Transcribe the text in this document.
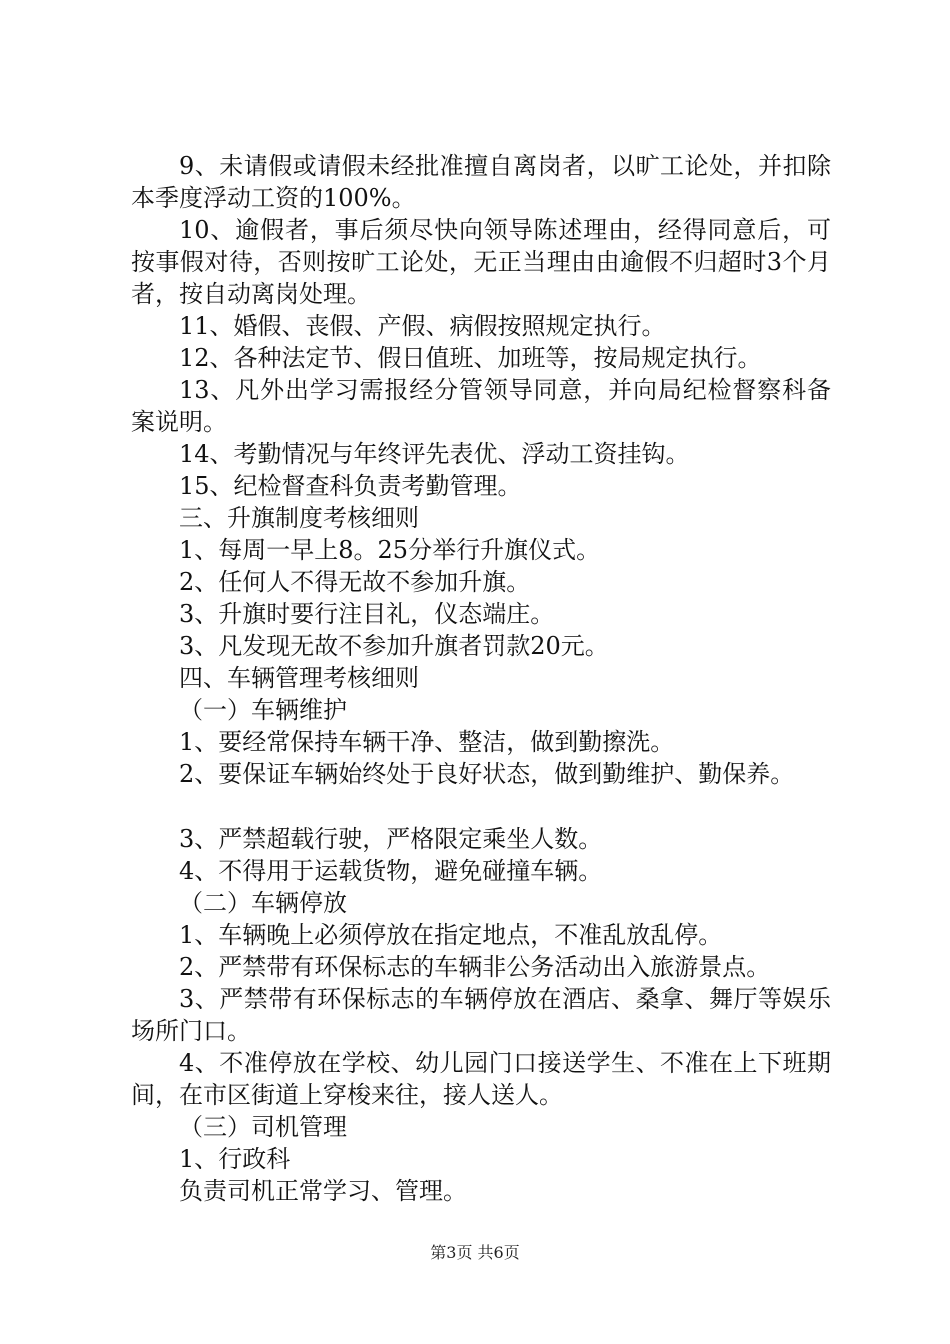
9、未请假或请假未经批准擅自离岗者，以旷工论处，并扣除本季度浮动工资的100%。

10、逾假者，事后须尽快向领导陈述理由，经得同意后，可按事假对待，否则按旷工论处，无正当理由由逾假不归超时3个月者，按自动离岗处理。

11、婚假、丧假、产假、病假按照规定执行。

12、各种法定节、假日值班、加班等，按局规定执行。

13、凡外出学习需报经分管领导同意，并向局纪检督察科备案说明。

14、考勤情况与年终评先表优、浮动工资挂钩。

15、纪检督查科负责考勤管理。

三、升旗制度考核细则

1、每周一早上8。25分举行升旗仪式。

2、任何人不得无故不参加升旗。

3、升旗时要行注目礼，仪态端庄。

3、凡发现无故不参加升旗者罚款20元。

四、车辆管理考核细则

（一）车辆维护

1、要经常保持车辆干净、整洁，做到勤擦洗。

2、要保证车辆始终处于良好状态，做到勤维护、勤保养。

3、严禁超载行驶，严格限定乘坐人数。

4、不得用于运载货物，避免碰撞车辆。

（二）车辆停放

1、车辆晚上必须停放在指定地点，不准乱放乱停。

2、严禁带有环保标志的车辆非公务活动出入旅游景点。

3、严禁带有环保标志的车辆停放在酒店、桑拿、舞厅等娱乐场所门口。

4、不准停放在学校、幼儿园门口接送学生、不准在上下班期间，在市区街道上穿梭来往，接人送人。

（三）司机管理

1、行政科

负责司机正常学习、管理。

第3页 共6页
